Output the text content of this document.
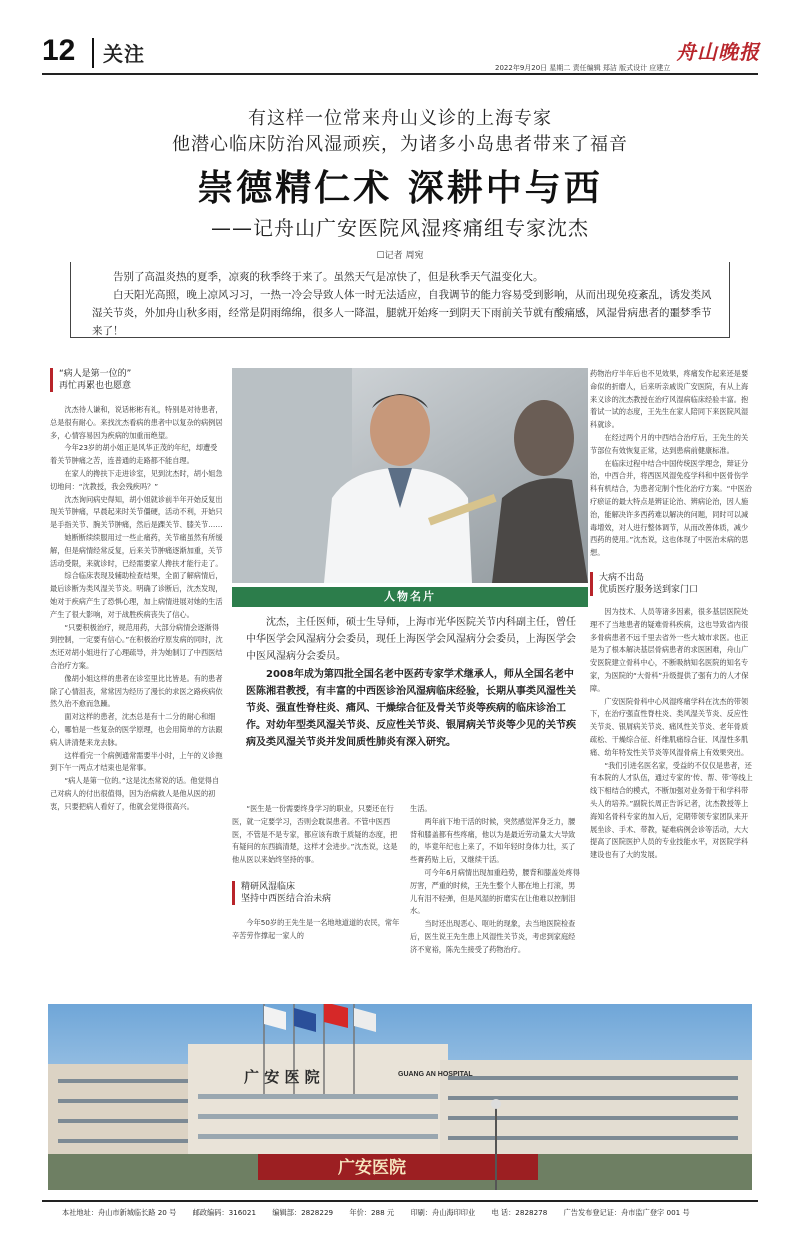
12 关注	舟山晚报
2022年9月20日 星期二 责任编辑 郑洁 版式设计 应建立
有这样一位常来舟山义诊的上海专家
他潜心临床防治风湿顽疾，为诸多小岛患者带来了福音
崇德精仁术 深耕中与西
——记舟山广安医院风湿疼痛组专家沈杰
☐记者 周宛

告别了高温炎热的夏季，凉爽的秋季终于来了。虽然天气是凉快了，但是秋季天气温变化大。

白天阳光高照，晚上凉风习习，一热一冷会导致人体一时无法适应，自我调节的能力容易受到影响，从而出现免疫紊乱，诱发类风湿关节炎，外加舟山秋多雨，经常是阴雨绵绵，很多人一降温，腿就开始疼一到阴天下雨前关节就有酸痛感，风湿骨病患者的噩梦季节来了！

“病人是第一位的”
再忙再累也也愿意

沈杰待人谦和，说话彬彬有礼，特别是对待患者，总是很有耐心。来找沈杰看病的患者中以复杂的病例居多，心情容易因为疾病的加重而绝望。

今年23岁的胡小姐正是风华正茂的年纪，却遭受着关节肿痛之苦，连普通的走路都不能自理。

在家人的搀扶下走进诊室，见到沈杰时，胡小姐急切地问：“沈教授，我会残疾吗？”

沈杰询问病史得知，胡小姐就诊前半年开始反复出现关节肿痛，早晨起来时关节僵硬，活动不利，开始只是手指关节、腕关节肿痛，然后是踝关节、膝关节……

她断断续续服用过一些止痛药，关节痛虽然有所缓解，但是病情经常反复，后来关节肿痛逐渐加重，关节活动受限，来就诊时，已经需要家人搀扶才能行走了。

综合临床表现及辅助检查结果，全面了解病情后，最后诊断为类风湿关节炎。明确了诊断后，沈杰发现，她对于疾病产生了恐惧心理，加上病情进展对她的生活产生了很大影响，对于战胜疾病丧失了信心。

“只要积极治疗，规范用药，大部分病情会逐渐得到控制，一定要有信心。”在积极治疗原发病的同时，沈杰还对胡小姐进行了心理疏导，并为她制订了中西医结合治疗方案。

像胡小姐这样的患者在诊室里比比皆是。有的患者除了心情沮丧，常常因为经历了漫长的求医之路疾病依然久治不愈而急躁。

面对这样的患者，沈杰总是有十二分的耐心和细心，哪怕是一些复杂的医学原理，也会用简单的方法跟病人讲清楚来龙去脉。

这样看完一个病例通常需要半小时，上午的义诊拖到下午一两点才结束也是常事。

“病人是第一位的。”这是沈杰常说的话。他觉得自己对病人的付出很值得，因为治病救人是他从医的初衷，只要把病人看好了，他就会觉得很高兴。

人物名片

沈杰，主任医师，硕士生导师，上海市光华医院关节内科副主任，曾任中华医学会风湿病分会委员，现任上海医学会风湿病分会委员，上海医学会中医风湿病分会委员。

2008年成为第四批全国名老中医药专家学术继承人，师从全国名老中医陈湘君教授，有丰富的中西医诊治风湿病临床经验，长期从事类风湿性关节炎、强直性脊柱炎、痛风、干燥综合征及骨关节炎等疾病的临床诊治工作。对幼年型类风湿关节炎、反应性关节炎、银屑病关节炎等少见的关节疾病及类风湿关节炎并发间质性肺炎有深入研究。

“医生是一份需要终身学习的职业，只要还在行医，就一定要学习，否则会耽误患者。不管中医西医，不管是不是专家，都应该有敢于质疑的态度，把有疑问的东西搞清楚，这样才会进步。”沈杰说，这是他从医以来始终坚持的事。

精研风湿临床
坚持中西医结合治未病

今年50岁的王先生是一名地地道道的农民，常年辛苦劳作撑起一家人的

生活。

两年前下地干活的时候，突然感觉浑身乏力，腰背和膝盖都有些疼痛，他以为是最近劳动量太大导致的，毕竟年纪也上来了，不如年轻时身体力壮，买了些膏药贴上后，又继续干活。

可今年6月病情出现加重趋势，腰背和膝盖处疼得厉害，严重的时候，王先生整个人都在地上打滚，男儿有泪不轻弹，但是风湿的折磨实在让他难以控制泪水。

当时还出现恶心、呕吐的现象，去当地医院检查后，医生说王先生患上风湿性关节炎，考虑到家庭经济不宽裕，陈先生接受了药物治疗。

药物治疗半年后也不见效果，疼痛发作起来还是要命似的折磨人，后来听亲戚说广安医院，有从上海来义诊的沈杰教授在治疗风湿病临床经验丰富。抱着试一试的态度，王先生在家人陪同下来医院风湿科就诊。

在经过两个月的中西结合治疗后，王先生的关节部位有效恢复正常，达到患病前健康标准。

在临床过程中结合中国传统医学理念，辩证分治，中西合并，将西医风湿免疫学科和中医骨伤学科有机结合，为患者定制个性化治疗方案。“中医治疗瘀证的最大特点是辨证论治、辨病论治，因人施治，能解决许多西药难以解决的问题，同时可以减毒增效，对人进行整体调节，从而改善体质，减少西药的使用。”沈杰说，这也体现了中医治未病的思想。

大病不出岛
优质医疗服务送到家门口

因为技术、人员等诸多因素，很多基层医院处理不了当地患者的疑难骨科疾病，这也导致省内很多骨病患者不远千里去省外一些大城市求医。也正是为了根本解决基层骨病患者的求医困难，舟山广安医院建立骨科中心，不断吸纳知名医院的知名专家，为医院的“大骨科”升级提供了强有力的人才保障。

广安医院骨科中心风湿疼痛学科在沈杰的带领下，在治疗强直性脊柱炎、类风湿关节炎、反应性关节炎、银屑病关节炎、痛风性关节炎、老年骨质疏松、干燥综合征、纤维肌痛综合征、风湿性多肌痛、幼年特发性关节炎等风湿骨病上有效果突出。

“我们引进名医名家，受益的不仅仅是患者，还有本院的人才队伍，通过专家的‘传、帮、带’等线上线下相结合的模式，不断加强对业务骨干和学科带头人的培养。”副院长周正告诉记者，沈杰教授等上海知名骨科专家的加入后，定期带领专家团队来开展坐诊、手术、带教，疑难病例会诊等活动，大大提高了医院医护人员的专业技能水平，对医院学科建设也有了大的发展。

广 安 医 院	GUANG AN HOSPITAL
广安医院
本社地址：舟山市新城临长路 20 号 邮政编码：316021 编辑部：2828229 年价：288 元 印刷：舟山海印印业 电 话：2828278 广告发布登记证：舟市监广登字 001 号
